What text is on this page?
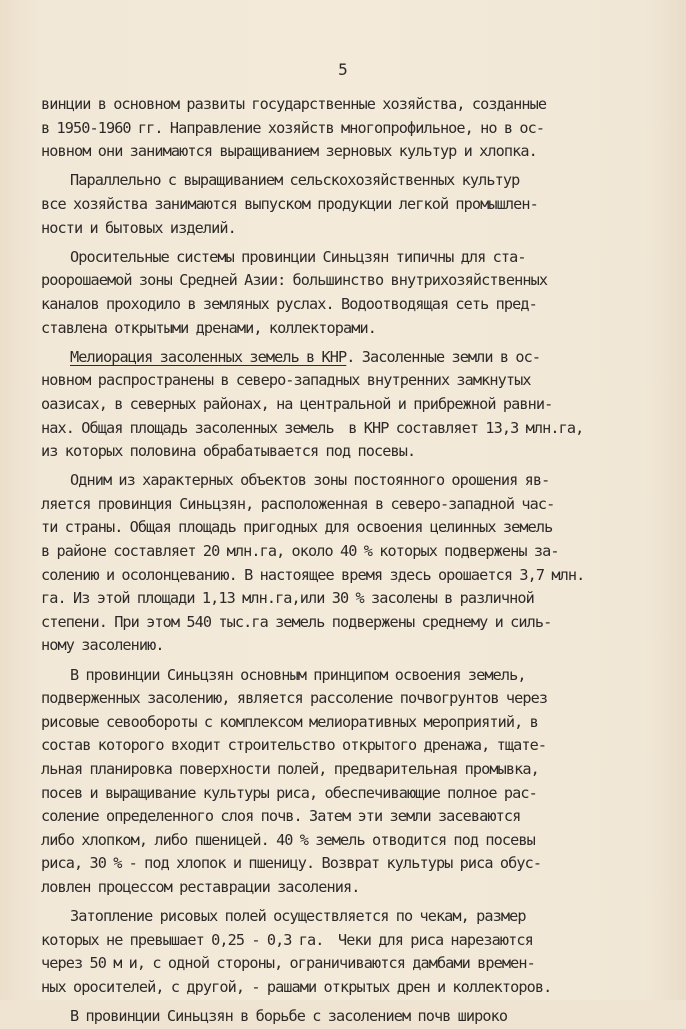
5
винции в основном развиты государственные хозяйства, созданные
в 1950-1960 гг. Направление хозяйств многопрофильное, но в ос-
новном они занимаются выращиванием зерновых культур и хлопка.
Параллельно с выращиванием сельскохозяйственных культур
все хозяйства занимаются выпуском продукции легкой промышлен-
ности и бытовых изделий.
Оросительные системы провинции Синьцзян типичны для ста-
роорошаемой зоны Средней Азии: большинство внутрихозяйственных
каналов проходило в земляных руслах. Водоотводящая сеть пред-
ставлена открытыми дренами, коллекторами.
Мелиорация засоленных земель в КНР. Засоленные земли в ос-
новном распространены в северо-западных внутренних замкнутых
оазисах, в северных районах, на центральной и прибрежной равни-
нах. Общая площадь засоленных земель  в КНР составляет 13,3 млн.га,
из которых половина обрабатывается под посевы.
Одним из характерных объектов зоны постоянного орошения яв-
ляется провинция Синьцзян, расположенная в северо-западной час-
ти страны. Общая площадь пригодных для освоения целинных земель
в районе составляет 20 млн.га, около 40 % которых подвержены за-
солению и осолонцеванию. В настоящее время здесь орошается 3,7 млн.
га. Из этой площади 1,13 млн.га,или 30 % засолены в различной
степени. При этом 540 тыс.га земель подвержены среднему и силь-
ному засолению.
В провинции Синьцзян основным принципом освоения земель,
подверженных засолению, является рассоление почвогрунтов через
рисовые севообороты с комплексом мелиоративных мероприятий, в
состав которого входит строительство открытого дренажа, тщате-
льная планировка поверхности полей, предварительная промывка,
посев и выращивание культуры риса, обеспечивающие полное рас-
соление определенного слоя почв. Затем эти земли засеваются
либо хлопком, либо пшеницей. 40 % земель отводится под посевы
риса, 30 % - под хлопок и пшеницу. Возврат культуры риса обус-
ловлен процессом реставрации засоления.
Затопление рисовых полей осуществляется по чекам, размер
которых не превышает 0,25 - 0,3 га.  Чеки для риса нарезаются
через 50 м и, с одной стороны, ограничиваются дамбами времен-
ных оросителей, с другой, - рашами открытых дрен и коллекторов.
В провинции Синьцзян в борьбе с засолением почв широко
